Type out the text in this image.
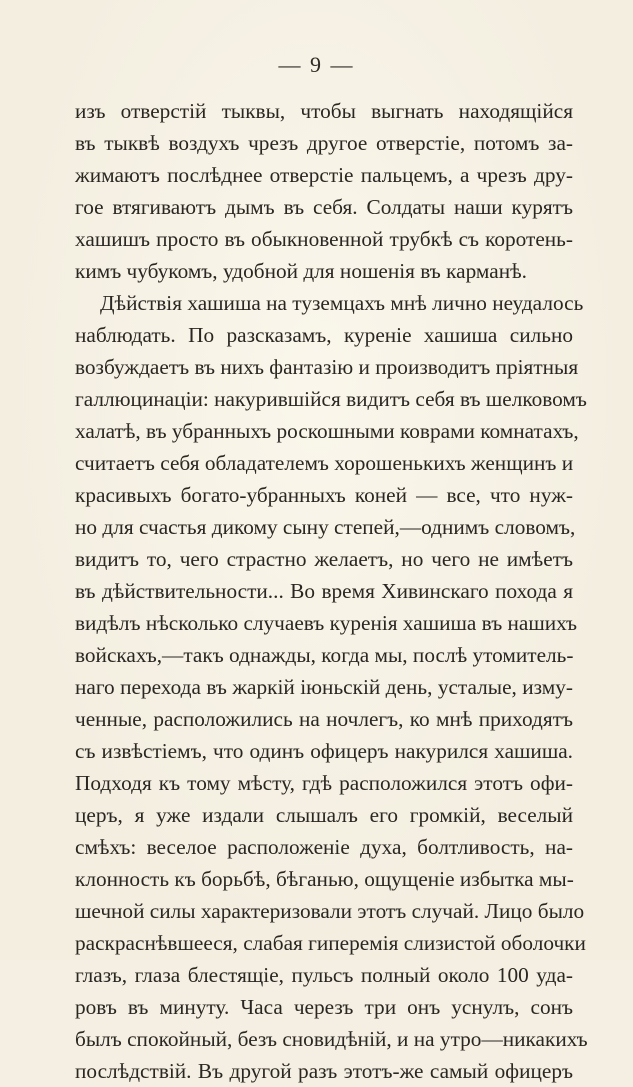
— 9 —
изъ отверстій тыквы, чтобы выгнать находящійся
въ тыквѣ воздухъ чрезъ другое отверстіе, потомъ за-
жимаютъ послѣднее отверстіе пальцемъ, а чрезъ дру-
гое втягиваютъ дымъ въ себя. Солдаты наши курятъ
хашишъ просто въ обыкновенной трубкѣ съ коротень-
кимъ чубукомъ, удобной для ношенія въ карманѣ.
Дѣйствія хашиша на туземцахъ мнѣ лично неудалось
наблюдать. По разсказамъ, куреніе хашиша сильно
возбуждаетъ въ нихъ фантазію и производитъ пріятныя
галлюцинаціи: накурившійся видитъ себя въ шелковомъ
халатѣ, въ убранныхъ роскошными коврами комнатахъ,
считаетъ себя обладателемъ хорошенькихъ женщинъ и
красивыхъ богато-убранныхъ коней — все, что нуж-
но для счастья дикому сыну степей,—однимъ словомъ,
видитъ то, чего страстно желаетъ, но чего не имѣетъ
въ дѣйствительности... Во время Хивинскаго похода я
видѣлъ нѣсколько случаевъ куренія хашиша въ нашихъ
войскахъ,—такъ однажды, когда мы, послѣ утомитель-
наго перехода въ жаркій іюньскій день, усталые, изму-
ченные, расположились на ночлегъ, ко мнѣ приходятъ
съ извѣстіемъ, что одинъ офицеръ накурился хашиша.
Подходя къ тому мѣсту, гдѣ расположился этотъ офи-
церъ, я уже издали слышалъ его громкій, веселый
смѣхъ: веселое расположеніе духа, болтливость, на-
клонность къ борьбѣ, бѣганью, ощущеніе избытка мы-
шечной силы характеризовали этотъ случай. Лицо было
раскраснѣвшееся, слабая гиперемія слизистой оболочки
глазъ, глаза блестящіе, пульсъ полный около 100 уда-
ровъ въ минуту. Часа черезъ три онъ уснулъ, сонъ
былъ спокойный, безъ сновидѣній, и на утро—никакихъ
послѣдствій. Въ другой разъ этотъ-же самый офицеръ
